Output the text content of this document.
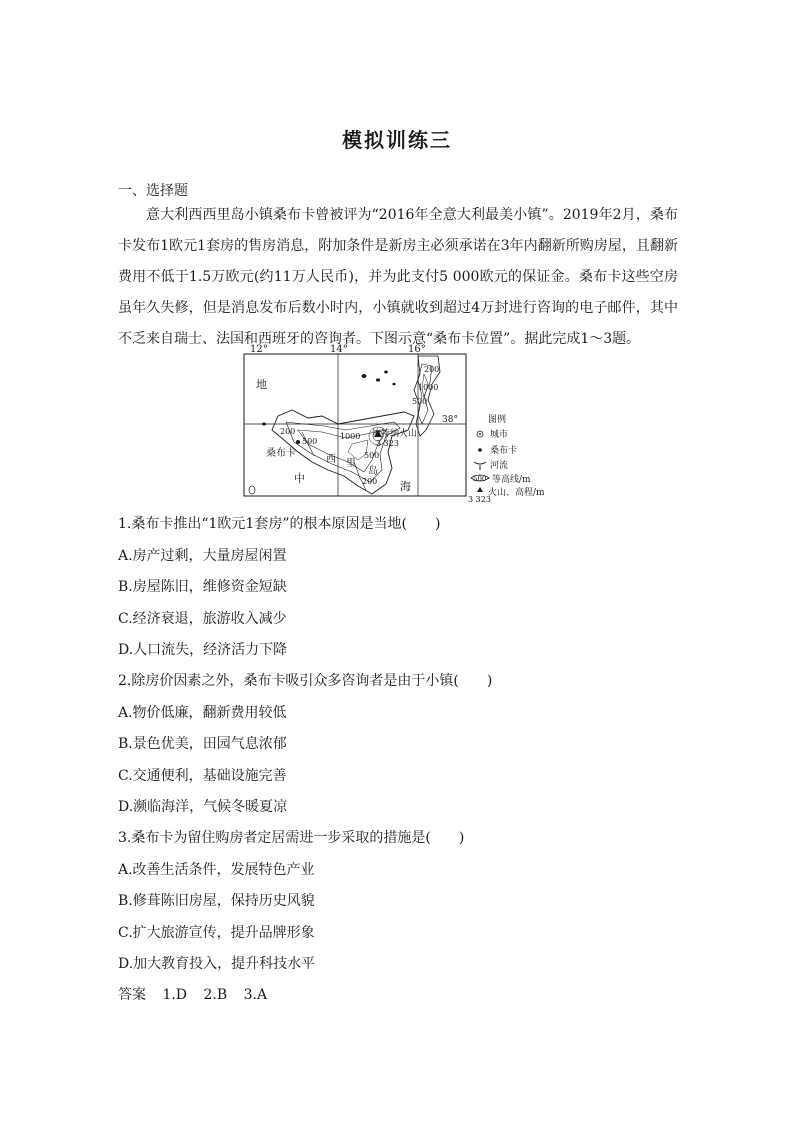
模拟训练三
一、选择题

意大利西西里岛小镇桑布卡曾被评为“2016年全意大利最美小镇”。2019年2月，桑布卡发布1欧元1套房的售房消息，附加条件是新房主必须承诺在3年内翻新所购房屋，且翻新费用不低于1.5万欧元(约11万人民币)，并为此支付5 000欧元的保证金。桑布卡这些空房虽年久失修，但是消息发布后数小时内，小镇就收到超过4万封进行咨询的电子邮件，其中不乏来自瑞士、法国和西班牙的咨询者。下图示意“桑布卡位置”。据此完成1～3题。

12°	14°	16°
38°
地
中
海
西 里
岛
200
500
1000
200
1000
500
200
500
桑布卡
埃特纳火山
3 323
图例
城市
桑布卡
河流
500 等高线/m
3 323
火山、高程/m
1.桑布卡推出“1欧元1套房”的根本原因是当地(　　)
A.房产过剩，大量房屋闲置
B.房屋陈旧，维修资金短缺
C.经济衰退，旅游收入减少
D.人口流失，经济活力下降
2.除房价因素之外，桑布卡吸引众多咨询者是由于小镇(　　)
A.物价低廉，翻新费用较低
B.景色优美，田园气息浓郁
C.交通便利，基础设施完善
D.濒临海洋，气候冬暖夏凉
3.桑布卡为留住购房者定居需进一步采取的措施是(　　)
A.改善生活条件，发展特色产业
B.修葺陈旧房屋，保持历史风貌
C.扩大旅游宣传，提升品牌形象
D.加大教育投入，提升科技水平
答案 1.D 2.B 3.A
